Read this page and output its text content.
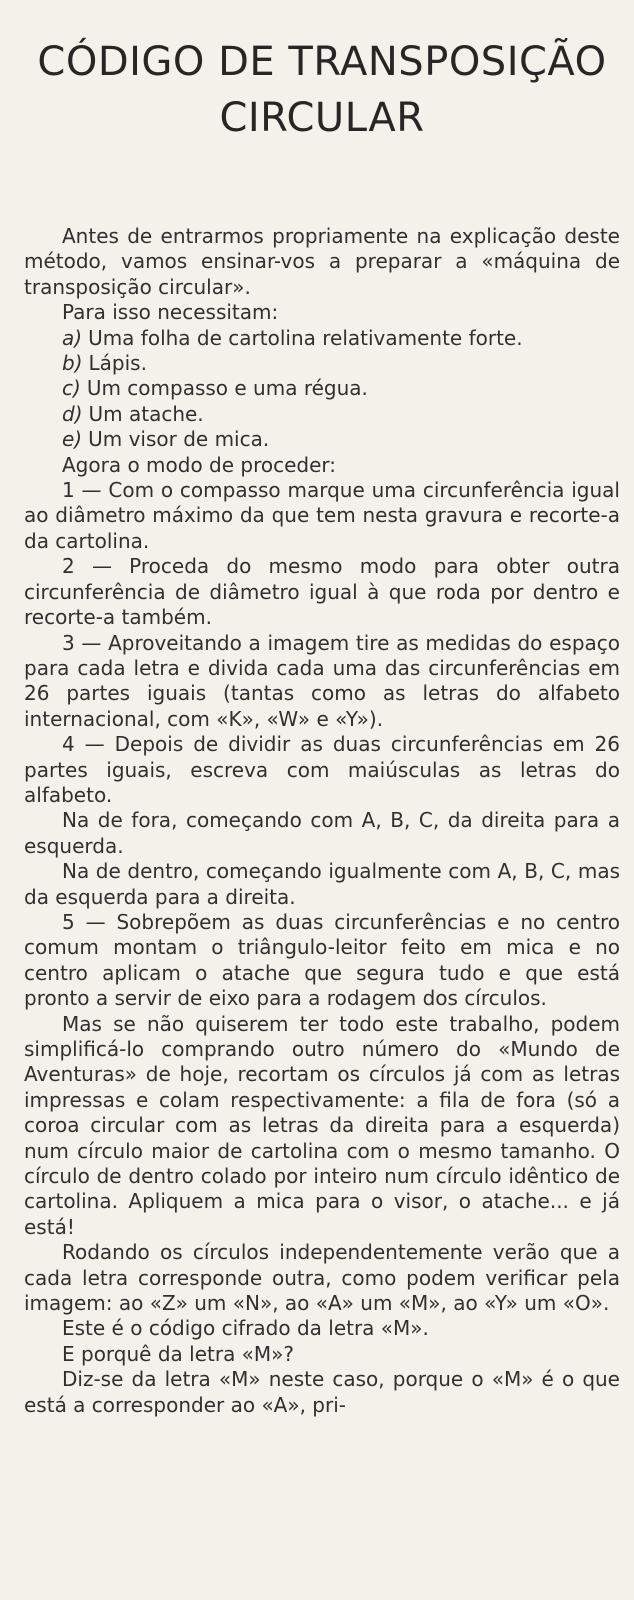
CÓDIGO DE TRANSPOSIÇÃO
CIRCULAR

Antes de entrarmos propriamente na explicação deste método, vamos ensinar-vos a preparar a «máquina de transposição circular».

Para isso necessitam:

a) Uma folha de cartolina relativamente forte.

b) Lápis.

c) Um compasso e uma régua.

d) Um atache.

e) Um visor de mica.

Agora o modo de proceder:

1 — Com o compasso marque uma circunferência igual ao diâmetro máximo da que tem nesta gravura e recorte-a da cartolina.

2 — Proceda do mesmo modo para obter outra circunferência de diâmetro igual à que roda por dentro e recorte-a também.

3 — Aproveitando a imagem tire as medidas do espaço para cada letra e divida cada uma das circunferências em 26 partes iguais (tantas como as letras do alfabeto internacional, com «K», «W» e «Y»).

4 — Depois de dividir as duas circunferências em 26 partes iguais, escreva com maiúsculas as letras do alfabeto.

Na de fora, começando com A, B, C, da direita para a esquerda.

Na de dentro, começando igualmente com A, B, C, mas da esquerda para a direita.

5 — Sobrepõem as duas circunferências e no centro comum montam o triângulo-leitor feito em mica e no centro aplicam o atache que segura tudo e que está pronto a servir de eixo para a rodagem dos círculos.

Mas se não quiserem ter todo este trabalho, podem simplificá-lo comprando outro número do «Mundo de Aventuras» de hoje, recortam os círculos já com as letras impressas e colam respectivamente: a fila de fora (só a coroa circular com as letras da direita para a esquerda) num círculo maior de cartolina com o mesmo tamanho. O círculo de dentro colado por inteiro num círculo idêntico de cartolina. Apliquem a mica para o visor, o atache... e já está!

Rodando os círculos independentemente verão que a cada letra corresponde outra, como podem verificar pela imagem: ao «Z» um «N», ao «A» um «M», ao «Y» um «O».

Este é o código cifrado da letra «M».

E porquê da letra «M»?

Diz-se da letra «M» neste caso, porque o «M» é o que está a corresponder ao «A», pri-
